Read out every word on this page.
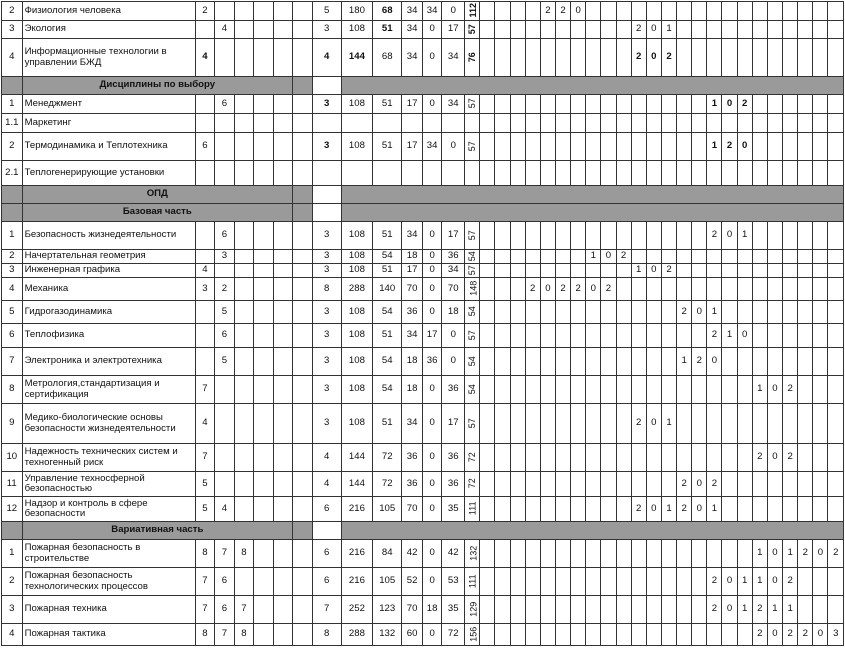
2	Физиология человека	2						5	180	68	34	34	0	112					2	2	0																	
3	Экология		4					3	108	51	34	0	17	57											2	0	1											
4	Информационные технологии в управлении БЖД	4						4	144	68	34	0	34	76											2	0	2											
	Дисциплины по выбору																																					
1	Менеджмент		6					3	108	51	17	0	34	57																1	0	2						
1.1	Маркетинг																																					
2	Термодинамика и Теплотехника	6						3	108	51	17	34	0	57																1	2	0						
2.1	Теплогенерирующие установки																																					
	ОПД																																					
	Базовая часть																																					
1	Безопасность жизнедеятельности		6					3	108	51	34	0	17	57																2	0	1						
2	Начертательная геометрия		3					3	108	54	18	0	36	54								1	0	2														
3	Инженерная графика	4						3	108	51	17	0	34	57											1	0	2											
4	Механика	3	2					8	288	140	70	0	70	148				2	0	2	2	0	2															
5	Гидрогазодинамика		5					3	108	54	36	0	18	54														2	0	1								
6	Теплофизика		6					3	108	51	34	17	0	57																2	1	0						
7	Электроника и электротехника		5					3	108	54	18	36	0	54														1	2	0								
8	Метрология,стандартизация и сертификация	7						3	108	54	18	0	36	54																			1	0	2			
9	Медико-биологические основы безопасности жизнедеятельности	4						3	108	51	34	0	17	57											2	0	1											
10	Надежность технических систем и техногенный риск	7						4	144	72	36	0	36	72																			2	0	2			
11	Управление техносферной безопасностью	5						4	144	72	36	0	36	72														2	0	2								
12	Надзор и контроль в сфере безопасности	5	4					6	216	105	70	0	35	111											2	0	1	2	0	1								
	Вариативная часть																																					
1	Пожарная безопасность в строительстве	8	7	8				6	216	84	42	0	42	132																			1	0	1	2	0	2
2	Пожарная безопасность технологических процессов	7	6					6	216	105	52	0	53	111																2	0	1	1	0	2			
3	Пожарная техника	7	6	7				7	252	123	70	18	35	129																2	0	1	2	1	1			
4	Пожарная тактика	8	7	8				8	288	132	60	0	72	156																			2	0	2	2	0	3
